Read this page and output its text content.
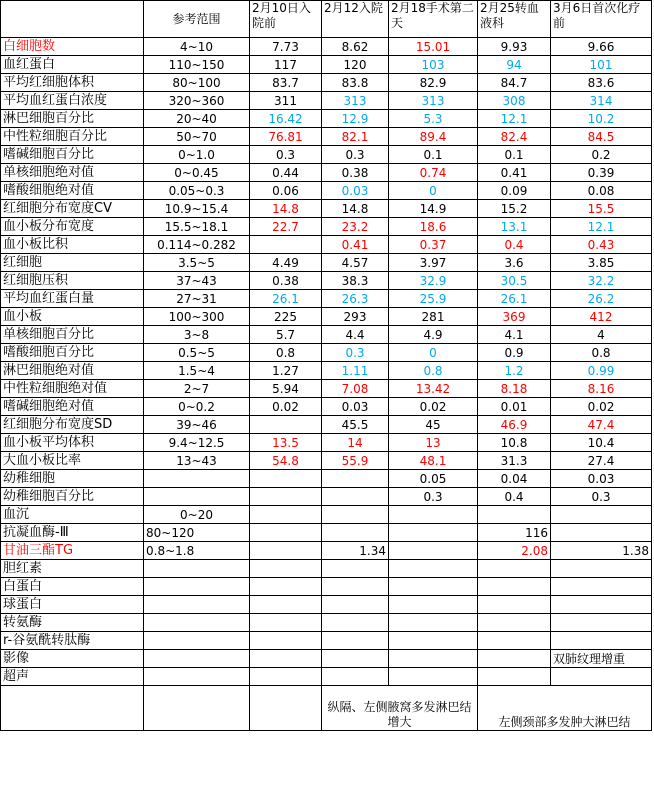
	参考范围	2月10日入院前	2月12入院	2月18手术第二天	2月25转血液科	3月6日首次化疗前
白细胞数	4~10	7.73	8.62	15.01	9.93	9.66
血红蛋白	110~150	117	120	103	94	101
平均红细胞体积	80~100	83.7	83.8	82.9	84.7	83.6
平均血红蛋白浓度	320~360	311	313	313	308	314
淋巴细胞百分比	20~40	16.42	12.9	5.3	12.1	10.2
中性粒细胞百分比	50~70	76.81	82.1	89.4	82.4	84.5
嗜碱细胞百分比	0~1.0	0.3	0.3	0.1	0.1	0.2
单核细胞绝对值	0~0.45	0.44	0.38	0.74	0.41	0.39
嗜酸细胞绝对值	0.05~0.3	0.06	0.03	0	0.09	0.08
红细胞分布宽度CV	10.9~15.4	14.8	14.8	14.9	15.2	15.5
血小板分布宽度	15.5~18.1	22.7	23.2	18.6	13.1	12.1
血小板比积	0.114~0.282		0.41	0.37	0.4	0.43
红细胞	3.5~5	4.49	4.57	3.97	3.6	3.85
红细胞压积	37~43	0.38	38.3	32.9	30.5	32.2
平均血红蛋白量	27~31	26.1	26.3	25.9	26.1	26.2
血小板	100~300	225	293	281	369	412
单核细胞百分比	3~8	5.7	4.4	4.9	4.1	4
嗜酸细胞百分比	0.5~5	0.8	0.3	0	0.9	0.8
淋巴细胞绝对值	1.5~4	1.27	1.11	0.8	1.2	0.99
中性粒细胞绝对值	2~7	5.94	7.08	13.42	8.18	8.16
嗜碱细胞绝对值	0~0.2	0.02	0.03	0.02	0.01	0.02
红细胞分布宽度SD	39~46		45.5	45	46.9	47.4
血小板平均体积	9.4~12.5	13.5	14	13	10.8	10.4
大血小板比率	13~43	54.8	55.9	48.1	31.3	27.4
幼稚细胞				0.05	0.04	0.03
幼稚细胞百分比				0.3	0.4	0.3
血沉	0~20					
抗凝血酶-Ⅲ	80~120				116	
甘油三酯TG	0.8~1.8		1.34		2.08	1.38
胆红素						
白蛋白						
球蛋白						
转氨酶						
r-谷氨酰转肽酶						
影像						双肺纹理增重
超声						
			纵隔、左侧腋窝多发淋巴结增大		左侧颈部多发肿大淋巴结	
